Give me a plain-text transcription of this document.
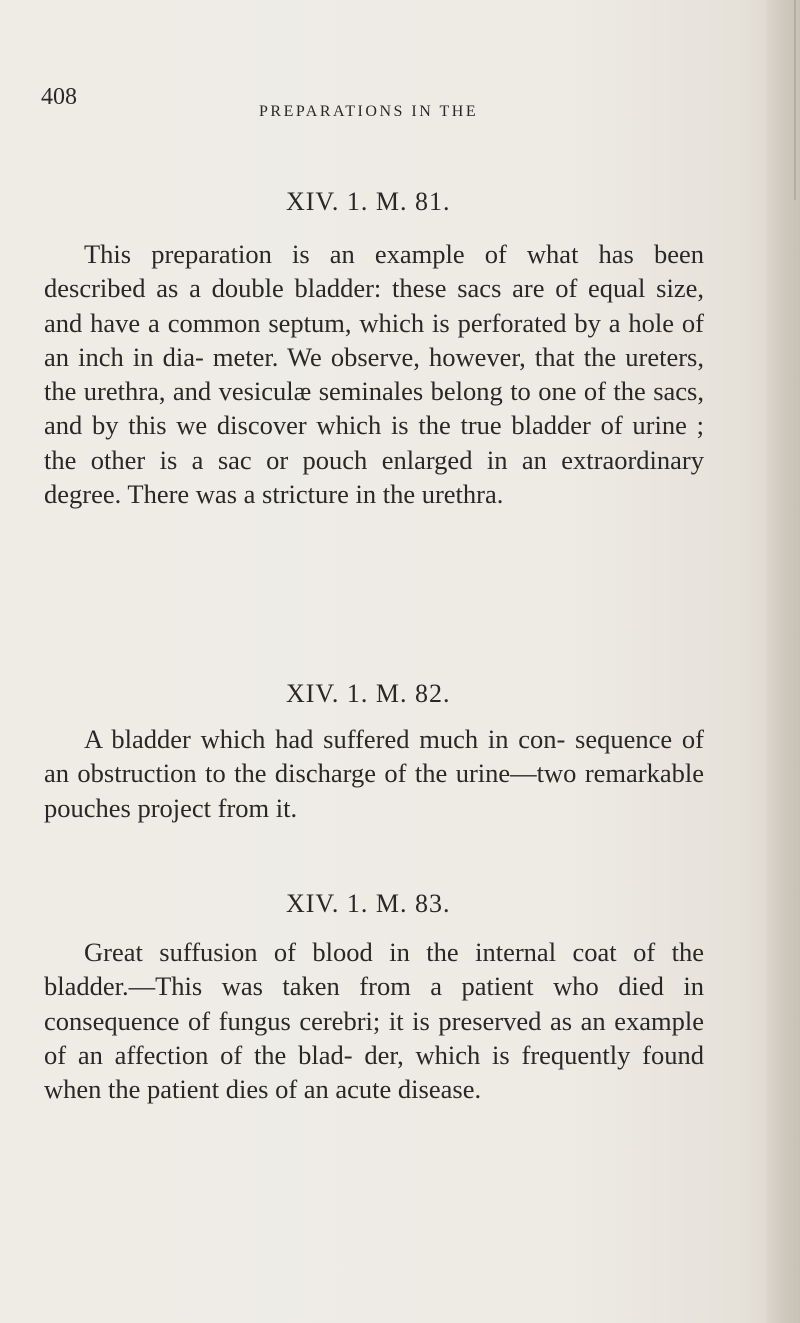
408
PREPARATIONS IN THE
XIV. 1. M. 81.
This preparation is an example of what has been described as a double bladder: these sacs are of equal size, and have a common septum, which is perforated by a hole of an inch in dia- meter. We observe, however, that the ureters, the urethra, and vesiculæ seminales belong to one of the sacs, and by this we discover which is the true bladder of urine ; the other is a sac or pouch enlarged in an extraordinary degree. There was a stricture in the urethra.
XIV. 1. M. 82.
A bladder which had suffered much in con- sequence of an obstruction to the discharge of the urine—two remarkable pouches project from it.
XIV. 1. M. 83.
Great suffusion of blood in the internal coat of the bladder.—This was taken from a patient who died in consequence of fungus cerebri; it is preserved as an example of an affection of the blad- der, which is frequently found when the patient dies of an acute disease.
